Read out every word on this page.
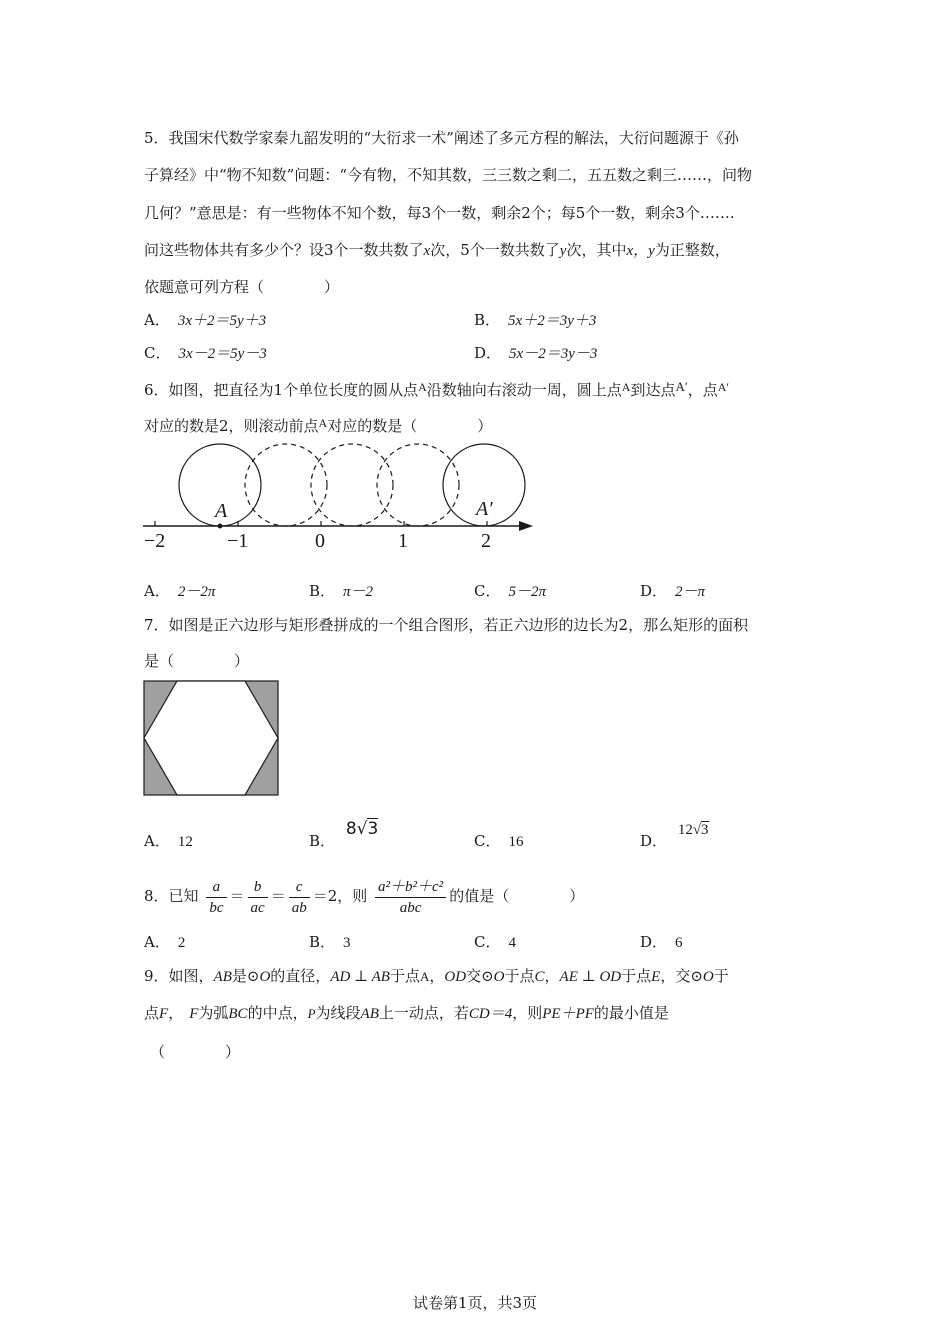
5．我国宋代数学家秦九韶发明的“大衍求一术”阐述了多元方程的解法，大衍问题源于《孙
子算经》中“物不知数”问题：“今有物，不知其数，三三数之剩二，五五数之剩三……，问物
几何？”意思是：有一些物体不知个数，每3个一数，剩余2个；每5个一数，剩余3个…….
问这些物体共有多少个？设3个一数共数了x次，5个一数共数了y次，其中x，y为正整数，
依题意可列方程（　　　　）
A． 3x＋2＝5y＋3	B． 5x＋2＝3y＋3
C． 3x－2＝5y－3	D． 5x－2＝3y－3
6．如图，把直径为1个单位长度的圆从点$^A$沿数轴向右滚动一周，圆上点$^A$到达点A′，点$^{A'}$
对应的数是2，则滚动前点$^A$对应的数是（　　　　）
A	A′
−2	−1	0	1	2
A． 2－2π	B． π－2	C． 5－2π	D． 2－π
7．如图是正六边形与矩形叠拼成的一个组合图形，若正六边形的边长为2，那么矩形的面积
是（　　　　）
A． 12	B． 8√3
C． 16	D． 12√3
8．已知 $\frac{a}{bc} = \frac{b}{ac} = \frac{c}{ab} =2$，则 $\frac{\text{a²＋b²＋c²}}{\text{abc}}$ 的值是（　　　　）
A． 2	B． 3	C． 4	D． 6
9．如图，AB是⊙O的直径，AD ⊥ AB于点A，OD交⊙O于点C，AE ⊥ OD于点E，交⊙O于
点F， F为弧BC的中点，P为线段AB上一动点，若CD＝4，则PE＋PF的最小值是
（　　　　）
试卷第1页，共3页
